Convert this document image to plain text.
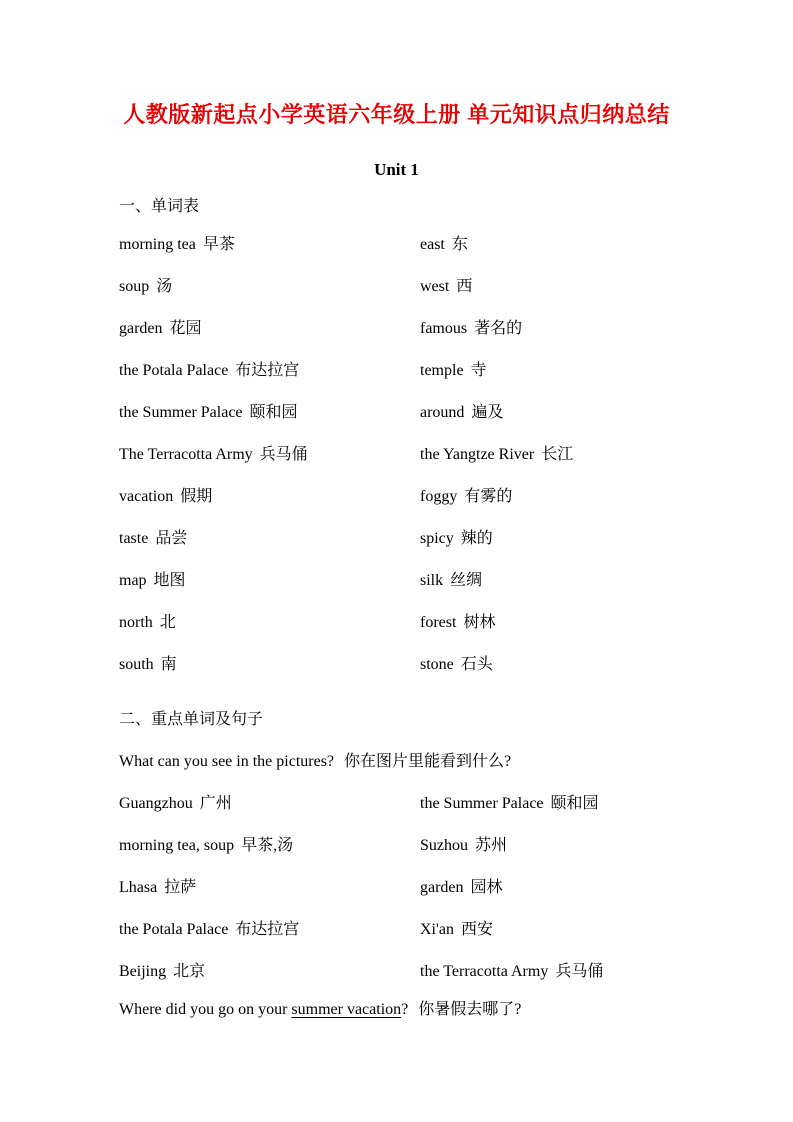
人教版新起点小学英语六年级上册 单元知识点归纳总结
Unit 1
一、单词表
morning tea 早茶
soup 汤
garden 花园
the Potala Palace 布达拉宫
the Summer Palace 颐和园
The Terracotta Army 兵马俑
vacation 假期
taste 品尝
map 地图
north 北
south 南
east 东
west 西
famous 著名的
temple 寺
around 遍及
the Yangtze River 长江
foggy 有雾的
spicy 辣的
silk 丝绸
forest 树林
stone 石头
二、重点单词及句子
What can you see in the pictures? 你在图片里能看到什么?
Guangzhou 广州
morning tea, soup 早茶,汤
Lhasa 拉萨
the Potala Palace 布达拉宫
Beijing 北京
the Summer Palace 颐和园
Suzhou 苏州
garden 园林
Xi'an 西安
the Terracotta Army 兵马俑
Where did you go on your summer vacation? 你暑假去哪了?
